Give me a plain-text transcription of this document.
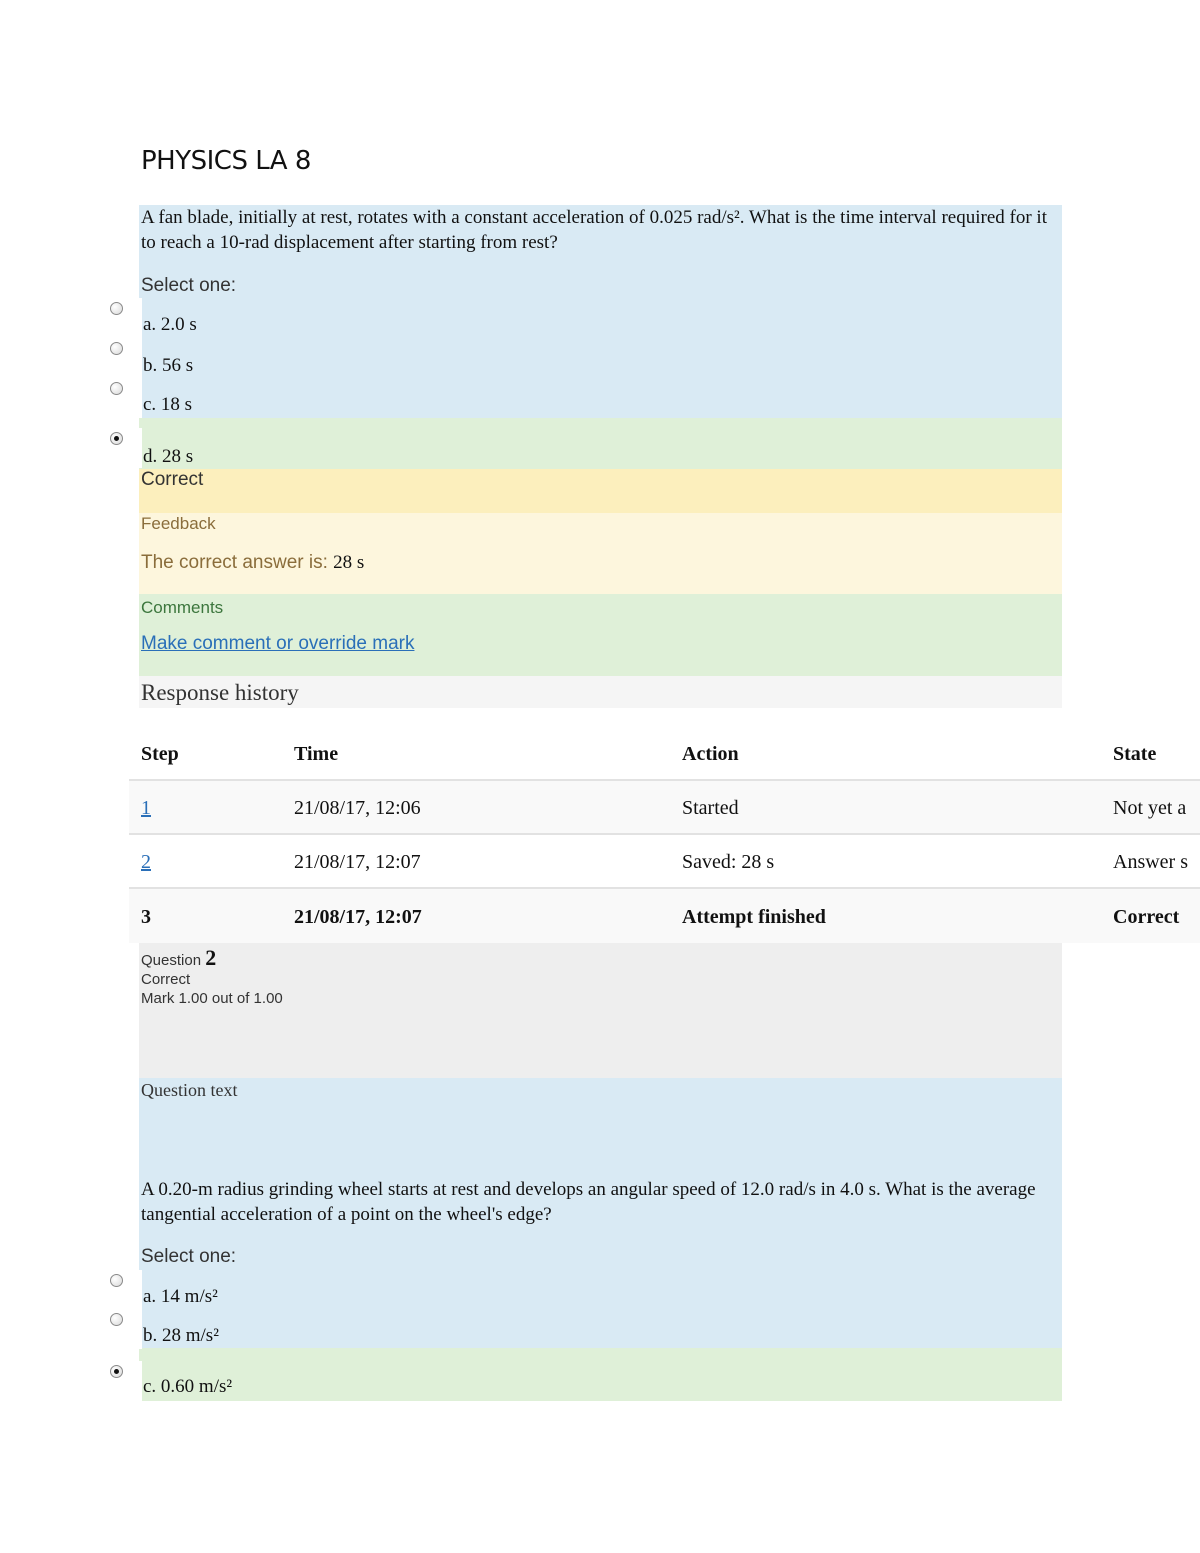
PHYSICS LA 8
A fan blade, initially at rest, rotates with a constant acceleration of 0.025 rad/s². What is the time interval required for it to reach a 10-rad displacement after starting from rest?
Select one:
a. 2.0 s
b. 56 s
c. 18 s
d. 28 s
Correct
Feedback
The correct answer is: 28 s
Comments
Make comment or override mark
Response history
Step	Time	Action	State
1	21/08/17, 12:06	Started	Not yet a
2	21/08/17, 12:07	Saved: 28 s	Answer s
3	21/08/17, 12:07	Attempt finished	Correct
Question 2
Correct
Mark 1.00 out of 1.00
Question text
A 0.20-m radius grinding wheel starts at rest and develops an angular speed of 12.0 rad/s in 4.0 s. What is the average tangential acceleration of a point on the wheel's edge?
Select one:
a. 14 m/s²
b. 28 m/s²
c. 0.60 m/s²
